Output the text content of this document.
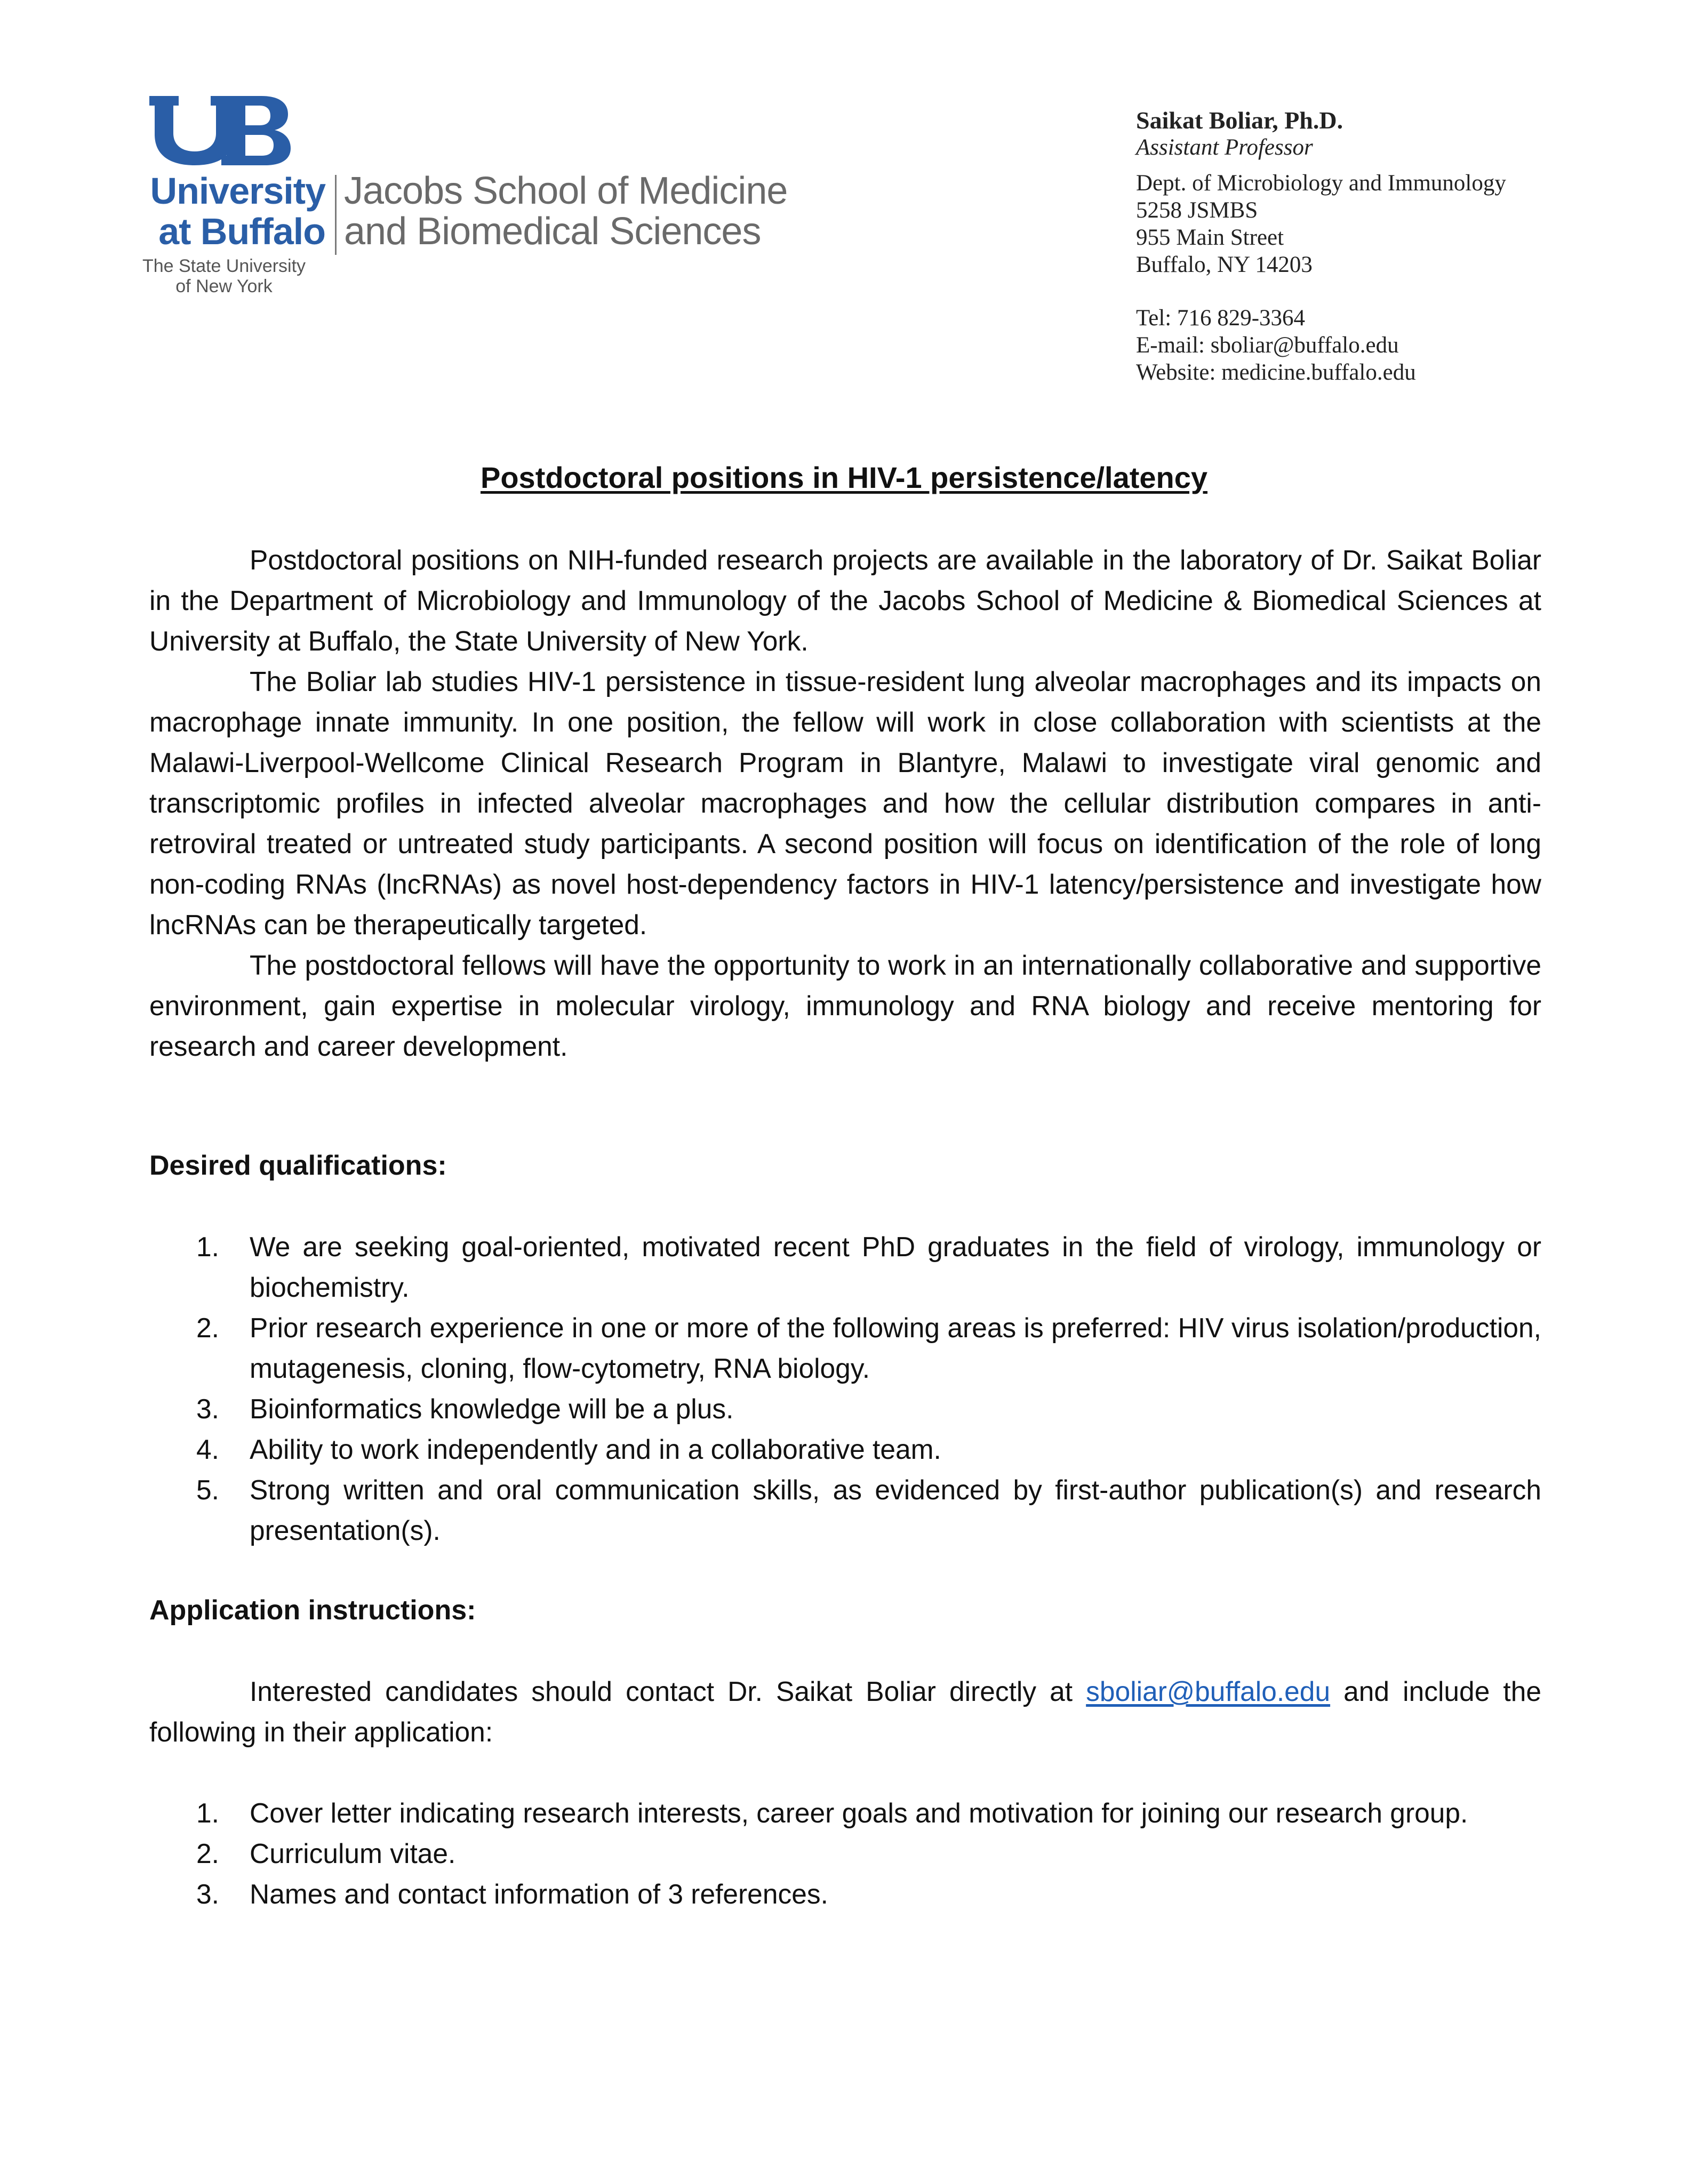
University
at Buffalo
The State University
of New York
Jacobs School of Medicine
and Biomedical Sciences
Saikat Boliar, Ph.D.
Assistant Professor
Dept. of Microbiology and Immunology
5258 JSMBS
955 Main Street
Buffalo, NY 14203
Tel: 716 829-3364
E-mail: sboliar@buffalo.edu
Website: medicine.buffalo.edu
Postdoctoral positions in HIV-1 persistence/latency

Postdoctoral positions on NIH-funded research projects are available in the laboratory of Dr. Saikat Boliar in the Department of Microbiology and Immunology of the Jacobs School of Medicine & Biomedical Sciences at University at Buffalo, the State University of New York.

The Boliar lab studies HIV-1 persistence in tissue-resident lung alveolar macrophages and its impacts on macrophage innate immunity. In one position, the fellow will work in close collaboration with scientists at the Malawi-Liverpool-Wellcome Clinical Research Program in Blantyre, Malawi to investigate viral genomic and transcriptomic profiles in infected alveolar macrophages and how the cellular distribution compares in anti-retroviral treated or untreated study participants. A second position will focus on identification of the role of long non-coding RNAs (lncRNAs) as novel host-dependency factors in HIV-1 latency/persistence and investigate how lncRNAs can be therapeutically targeted.

The postdoctoral fellows will have the opportunity to work in an internationally collaborative and supportive environment, gain expertise in molecular virology, immunology and RNA biology and receive mentoring for research and career development.

Desired qualifications:
1. We are seeking goal-oriented, motivated recent PhD graduates in the field of virology, immunology or biochemistry.
2. Prior research experience in one or more of the following areas is preferred: HIV virus isolation/production, mutagenesis, cloning, flow-cytometry, RNA biology.
3. Bioinformatics knowledge will be a plus.
4. Ability to work independently and in a collaborative team.
5. Strong written and oral communication skills, as evidenced by first-author publication(s) and research presentation(s).
Application instructions:

Interested candidates should contact Dr. Saikat Boliar directly at sboliar@buffalo.edu and include the following in their application:

1. Cover letter indicating research interests, career goals and motivation for joining our research group.
2. Curriculum vitae.
3. Names and contact information of 3 references.
